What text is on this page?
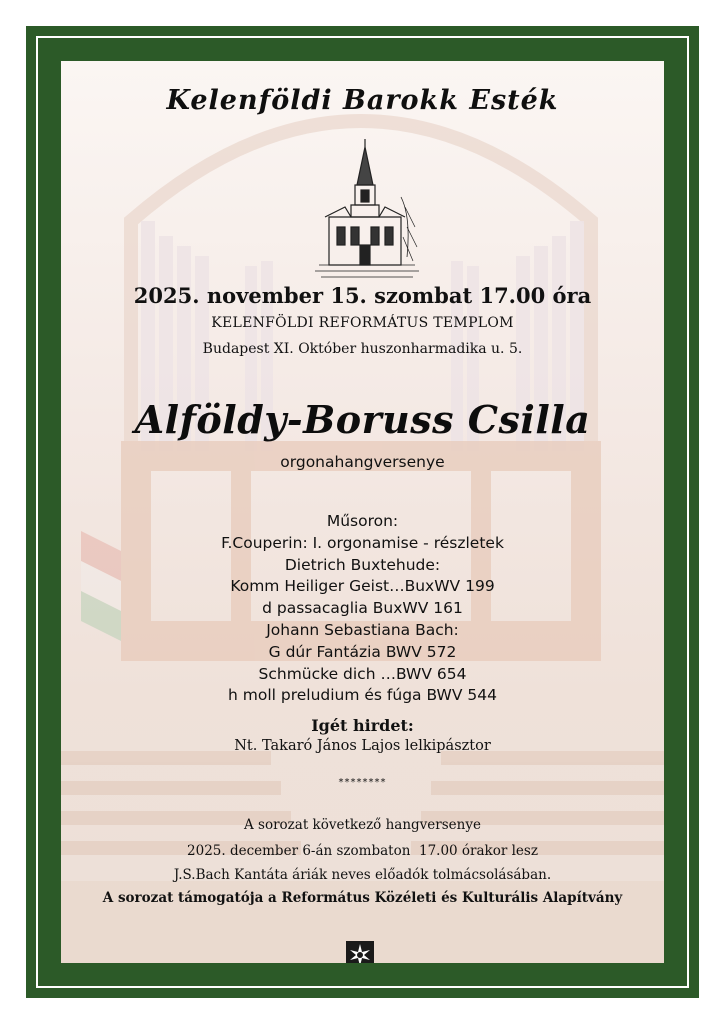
Kelenföldi Barokk Esték
2025. november 15. szombat 17.00 óra
KELENFÖLDI REFORMÁTUS TEMPLOM
Budapest XI. Október huszonharmadika u. 5.
Alföldy-Boruss Csilla
orgonahangversenye
Műsoron:
F.Couperin: I. orgonamise - részletek
Dietrich Buxtehude:
Komm Heiliger Geist…BuxWV 199
d passacaglia BuxWV 161
Johann Sebastiana Bach:
G dúr Fantázia BWV 572
Schmücke dich …BWV 654
h moll preludium és fúga BWV 544
Igét hirdet:
Nt. Takaró János Lajos lelkipásztor
********
A sorozat következő hangversenye
2025. december 6-án szombaton  17.00 órakor lesz
J.S.Bach Kantáta áriák neves előadók tolmácsolásában.
A sorozat támogatója a Református Közéleti és Kulturális Alapítvány
